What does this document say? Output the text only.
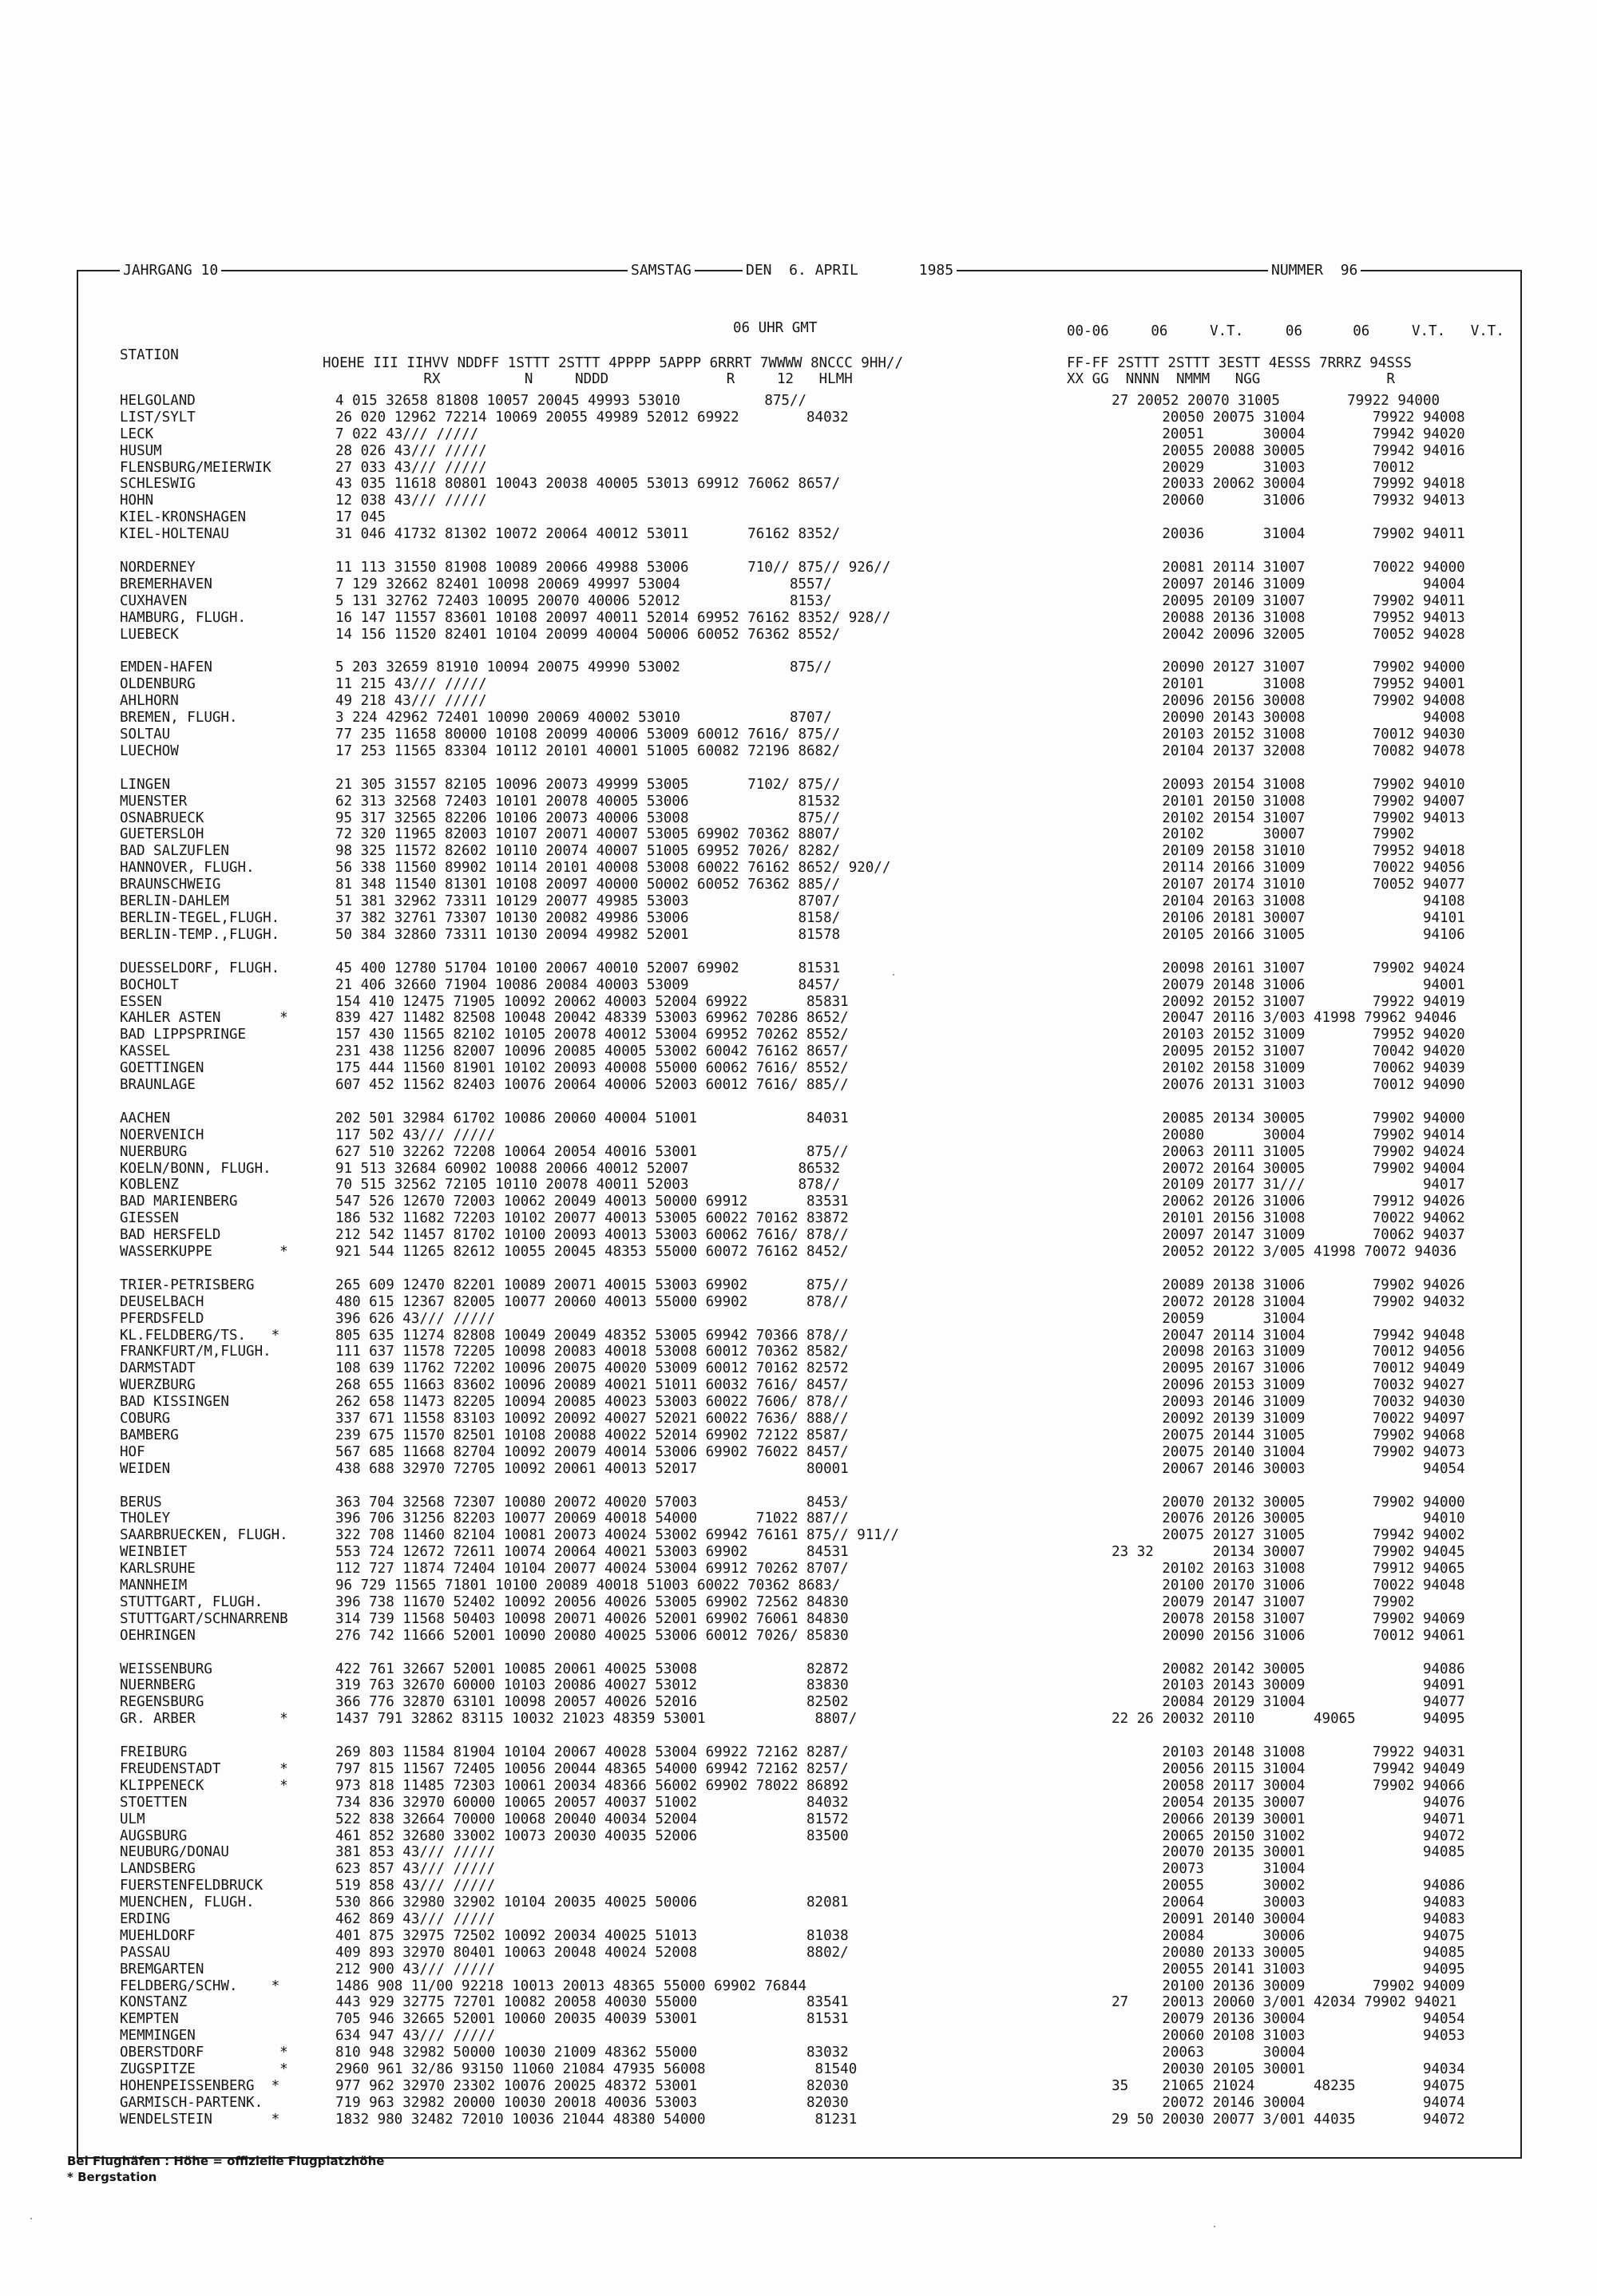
JAHRGANG 10	SAMSTAG	DEN  6. APRIL       1985	NUMMER  96
06 UHR GMT	00-06     06     V.T.     06      06     V.T.   V.T.
STATION	HOEHE III IIHVV NDDFF 1STTT 2STTT 4PPPP 5APPP 6RRRT 7WWWW 8NCCC 9HH//
RX          N     NDDD              R     12   HLMH
FF-FF 2STTT 2STTT 3ESTT 4ESSS 7RRRZ 94SSS
XX GG  NNNN  NMMM   NGG               R
HELGOLAND	4 015 32658 81808 10057 20045 49993 53010          875//	27 20052 20070 31005        79922 94000
LIST/SYLT	26 020 12962 72214 10069 20055 49989 52012 69922        84032	20050 20075 31004        79922 94008
LECK	7 022 43/// /////	20051       30004        79942 94020
HUSUM	28 026 43/// /////	20055 20088 30005        79942 94016
FLENSBURG/MEIERWIK	27 033 43/// /////	20029       31003        70012
SCHLESWIG	43 035 11618 80801 10043 20038 40005 53013 69912 76062 8657/	20033 20062 30004        79992 94018
HOHN	12 038 43/// /////	20060       31006        79932 94013
KIEL-KRONSHAGEN	17 045
KIEL-HOLTENAU	31 046 41732 81302 10072 20064 40012 53011       76162 8352/	20036       31004        79902 94011
NORDERNEY	11 113 31550 81908 10089 20066 49988 53006       710// 875// 926//	20081 20114 31007        70022 94000
BREMERHAVEN	7 129 32662 82401 10098 20069 49997 53004             8557/	20097 20146 31009              94004
CUXHAVEN	5 131 32762 72403 10095 20070 40006 52012             8153/	20095 20109 31007        79902 94011
HAMBURG, FLUGH.	16 147 11557 83601 10108 20097 40011 52014 69952 76162 8352/ 928//	20088 20136 31008        79952 94013
LUEBECK	14 156 11520 82401 10104 20099 40004 50006 60052 76362 8552/	20042 20096 32005        70052 94028
EMDEN-HAFEN	5 203 32659 81910 10094 20075 49990 53002             875//	20090 20127 31007        79902 94000
OLDENBURG	11 215 43/// /////	20101       31008        79952 94001
AHLHORN	49 218 43/// /////	20096 20156 30008        79902 94008
BREMEN, FLUGH.	3 224 42962 72401 10090 20069 40002 53010             8707/	20090 20143 30008              94008
SOLTAU	77 235 11658 80000 10108 20099 40006 53009 60012 7616/ 875//	20103 20152 31008        70012 94030
LUECHOW	17 253 11565 83304 10112 20101 40001 51005 60082 72196 8682/	20104 20137 32008        70082 94078
LINGEN	21 305 31557 82105 10096 20073 49999 53005       7102/ 875//	20093 20154 31008        79902 94010
MUENSTER	62 313 32568 72403 10101 20078 40005 53006             81532	20101 20150 31008        79902 94007
OSNABRUECK	95 317 32565 82206 10106 20073 40006 53008             875//	20102 20154 31007        79902 94013
GUETERSLOH	72 320 11965 82003 10107 20071 40007 53005 69902 70362 8807/	20102       30007        79902
BAD SALZUFLEN	98 325 11572 82602 10110 20074 40007 51005 69952 7026/ 8282/	20109 20158 31010        79952 94018
HANNOVER, FLUGH.	56 338 11560 89902 10114 20101 40008 53008 60022 76162 8652/ 920//	20114 20166 31009        70022 94056
BRAUNSCHWEIG	81 348 11540 81301 10108 20097 40000 50002 60052 76362 885//	20107 20174 31010        70052 94077
BERLIN-DAHLEM	51 381 32962 73311 10129 20077 49985 53003             8707/	20104 20163 31008              94108
BERLIN-TEGEL,FLUGH.	37 382 32761 73307 10130 20082 49986 53006             8158/	20106 20181 30007              94101
BERLIN-TEMP.,FLUGH.	50 384 32860 73311 10130 20094 49982 52001             81578	20105 20166 31005              94106
DUESSELDORF, FLUGH.	45 400 12780 51704 10100 20067 40010 52007 69902       81531	20098 20161 31007        79902 94024
BOCHOLT	21 406 32660 71904 10086 20084 40003 53009             8457/	20079 20148 31006              94001
ESSEN	154 410 12475 71905 10092 20062 40003 52004 69922       85831	20092 20152 31007        79922 94019
KAHLER ASTEN       *	839 427 11482 82508 10048 20042 48339 53003 69962 70286 8652/	20047 20116 3/003 41998 79962 94046
BAD LIPPSPRINGE	157 430 11565 82102 10105 20078 40012 53004 69952 70262 8552/	20103 20152 31009        79952 94020
KASSEL	231 438 11256 82007 10096 20085 40005 53002 60042 76162 8657/	20095 20152 31007        70042 94020
GOETTINGEN	175 444 11560 81901 10102 20093 40008 55000 60062 7616/ 8552/	20102 20158 31009        70062 94039
BRAUNLAGE	607 452 11562 82403 10076 20064 40006 52003 60012 7616/ 885//	20076 20131 31003        70012 94090
AACHEN	202 501 32984 61702 10086 20060 40004 51001             84031	20085 20134 30005        79902 94000
NOERVENICH	117 502 43/// /////	20080       30004        79902 94014
NUERBURG	627 510 32262 72208 10064 20054 40016 53001             875//	20063 20111 31005        79902 94024
KOELN/BONN, FLUGH.	91 513 32684 60902 10088 20066 40012 52007             86532	20072 20164 30005        79902 94004
KOBLENZ	70 515 32562 72105 10110 20078 40011 52003             878//	20109 20177 31///              94017
BAD MARIENBERG	547 526 12670 72003 10062 20049 40013 50000 69912       83531	20062 20126 31006        79912 94026
GIESSEN	186 532 11682 72203 10102 20077 40013 53005 60022 70162 83872	20101 20156 31008        70022 94062
BAD HERSFELD	212 542 11457 81702 10100 20093 40013 53003 60062 7616/ 878//	20097 20147 31009        70062 94037
WASSERKUPPE        *	921 544 11265 82612 10055 20045 48353 55000 60072 76162 8452/	20052 20122 3/005 41998 70072 94036
TRIER-PETRISBERG	265 609 12470 82201 10089 20071 40015 53003 69902       875//	20089 20138 31006        79902 94026
DEUSELBACH	480 615 12367 82005 10077 20060 40013 55000 69902       878//	20072 20128 31004        79902 94032
PFERDSFELD	396 626 43/// /////	20059       31004
KL.FELDBERG/TS.   *	805 635 11274 82808 10049 20049 48352 53005 69942 70366 878//	20047 20114 31004        79942 94048
FRANKFURT/M,FLUGH.	111 637 11578 72205 10098 20083 40018 53008 60012 70362 8582/	20098 20163 31009        70012 94056
DARMSTADT	108 639 11762 72202 10096 20075 40020 53009 60012 70162 82572	20095 20167 31006        70012 94049
WUERZBURG	268 655 11663 83602 10096 20089 40021 51011 60032 7616/ 8457/	20096 20153 31009        70032 94027
BAD KISSINGEN	262 658 11473 82205 10094 20085 40023 53003 60022 7606/ 878//	20093 20146 31009        70032 94030
COBURG	337 671 11558 83103 10092 20092 40027 52021 60022 7636/ 888//	20092 20139 31009        70022 94097
BAMBERG	239 675 11570 82501 10108 20088 40022 52014 69902 72122 8587/	20075 20144 31005        79902 94068
HOF	567 685 11668 82704 10092 20079 40014 53006 69902 76022 8457/	20075 20140 31004        79902 94073
WEIDEN	438 688 32970 72705 10092 20061 40013 52017             80001	20067 20146 30003              94054
BERUS	363 704 32568 72307 10080 20072 40020 57003             8453/	20070 20132 30005        79902 94000
THOLEY	396 706 31256 82203 10077 20069 40018 54000       71022 887//	20076 20126 30005              94010
SAARBRUECKEN, FLUGH.	322 708 11460 82104 10081 20073 40024 53002 69942 76161 875// 911//	20075 20127 31005        79942 94002
WEINBIET	553 724 12672 72611 10074 20064 40021 53003 69902       84531	23 32       20134 30007        79902 94045
KARLSRUHE	112 727 11874 72404 10104 20077 40024 53004 69912 70262 8707/	20102 20163 31008        79912 94065
MANNHEIM	96 729 11565 71801 10100 20089 40018 51003 60022 70362 8683/	20100 20170 31006        70022 94048
STUTTGART, FLUGH.	396 738 11670 52402 10092 20056 40026 53005 69902 72562 84830	20079 20147 31007        79902
STUTTGART/SCHNARRENB	314 739 11568 50403 10098 20071 40026 52001 69902 76061 84830	20078 20158 31007        79902 94069
OEHRINGEN	276 742 11666 52001 10090 20080 40025 53006 60012 7026/ 85830	20090 20156 31006        70012 94061
WEISSENBURG	422 761 32667 52001 10085 20061 40025 53008             82872	20082 20142 30005              94086
NUERNBERG	319 763 32670 60000 10103 20086 40027 53012             83830	20103 20143 30009              94091
REGENSBURG	366 776 32870 63101 10098 20057 40026 52016             82502	20084 20129 31004              94077
GR. ARBER          *	1437 791 32862 83115 10032 21023 48359 53001             8807/	22 26 20032 20110       49065        94095
FREIBURG	269 803 11584 81904 10104 20067 40028 53004 69922 72162 8287/	20103 20148 31008        79922 94031
FREUDENSTADT       *	797 815 11567 72405 10056 20044 48365 54000 69942 72162 8257/	20056 20115 31004        79942 94049
KLIPPENECK         *	973 818 11485 72303 10061 20034 48366 56002 69902 78022 86892	20058 20117 30004        79902 94066
STOETTEN	734 836 32970 60000 10065 20057 40037 51002             84032	20054 20135 30007              94076
ULM	522 838 32664 70000 10068 20040 40034 52004             81572	20066 20139 30001              94071
AUGSBURG	461 852 32680 33002 10073 20030 40035 52006             83500	20065 20150 31002              94072
NEUBURG/DONAU	381 853 43/// /////	20070 20135 30001              94085
LANDSBERG	623 857 43/// /////	20073       31004
FUERSTENFELDBRUCK	519 858 43/// /////	20055       30002              94086
MUENCHEN, FLUGH.	530 866 32980 32902 10104 20035 40025 50006             82081	20064       30003              94083
ERDING	462 869 43/// /////	20091 20140 30004              94083
MUEHLDORF	401 875 32975 72502 10092 20034 40025 51013             81038	20084       30006              94075
PASSAU	409 893 32970 80401 10063 20048 40024 52008             8802/	20080 20133 30005              94085
BREMGARTEN	212 900 43/// /////	20055 20141 31003              94095
FELDBERG/SCHW.    *	1486 908 11/00 92218 10013 20013 48365 55000 69902 76844	20100 20136 30009        79902 94009
KONSTANZ	443 929 32775 72701 10082 20058 40030 55000             83541	27    20013 20060 3/001 42034 79902 94021
KEMPTEN	705 946 32665 52001 10060 20035 40039 53001             81531	20079 20136 30004              94054
MEMMINGEN	634 947 43/// /////	20060 20108 31003              94053
OBERSTDORF         *	810 948 32982 50000 10030 21009 48362 55000             83032	20063       30004
ZUGSPITZE          *	2960 961 32/86 93150 11060 21084 47935 56008             81540	20030 20105 30001              94034
HOHENPEISSENBERG  *	977 962 32970 23302 10076 20025 48372 53001             82030	35    21065 21024       48235        94075
GARMISCH-PARTENK.	719 963 32982 20000 10030 20018 40036 53003             82030	20072 20146 30004              94074
WENDELSTEIN       *	1832 980 32482 72010 10036 21044 48380 54000             81231	29 50 20030 20077 3/001 44035        94072
Bei Flughäfen : Höhe = offizielle Flugplatzhöhe
* Bergstation
